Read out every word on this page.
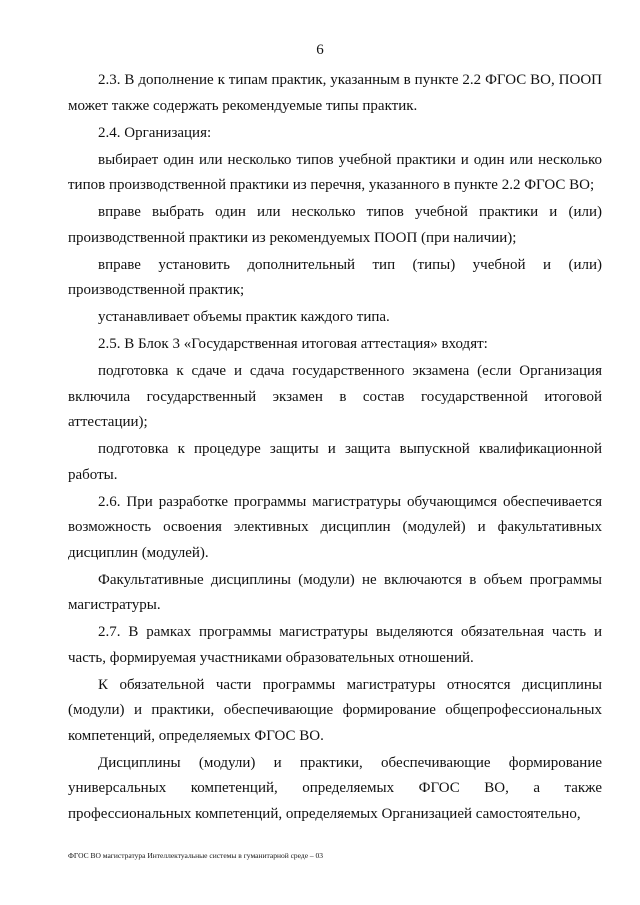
6

2.3. В дополнение к типам практик, указанным в пункте 2.2 ФГОС ВО, ПООП может также содержать рекомендуемые типы практик.

2.4. Организация:

выбирает один или несколько типов учебной практики и один или несколько типов производственной практики из перечня, указанного в пункте 2.2 ФГОС ВО;

вправе выбрать один или несколько типов учебной практики и (или) производственной практики из рекомендуемых ПООП (при наличии);

вправе установить дополнительный тип (типы) учебной и (или) производственной практик;

устанавливает объемы практик каждого типа.

2.5. В Блок 3 «Государственная итоговая аттестация» входят:

подготовка к сдаче и сдача государственного экзамена (если Организация включила государственный экзамен в состав государственной итоговой аттестации);

подготовка к процедуре защиты и защита выпускной квалификационной работы.

2.6. При разработке программы магистратуры обучающимся обеспечивается возможность освоения элективных дисциплин (модулей) и факультативных дисциплин (модулей).

Факультативные дисциплины (модули) не включаются в объем программы магистратуры.

2.7. В рамках программы магистратуры выделяются обязательная часть и часть, формируемая участниками образовательных отношений.

К обязательной части программы магистратуры относятся дисциплины (модули) и практики, обеспечивающие формирование общепрофессиональных компетенций, определяемых ФГОС ВО.

Дисциплины (модули) и практики, обеспечивающие формирование универсальных компетенций, определяемых ФГОС ВО, а также профессиональных компетенций, определяемых Организацией самостоятельно,

ФГОС ВО магистратура Интеллектуальные системы в гуманитарной среде – 03
